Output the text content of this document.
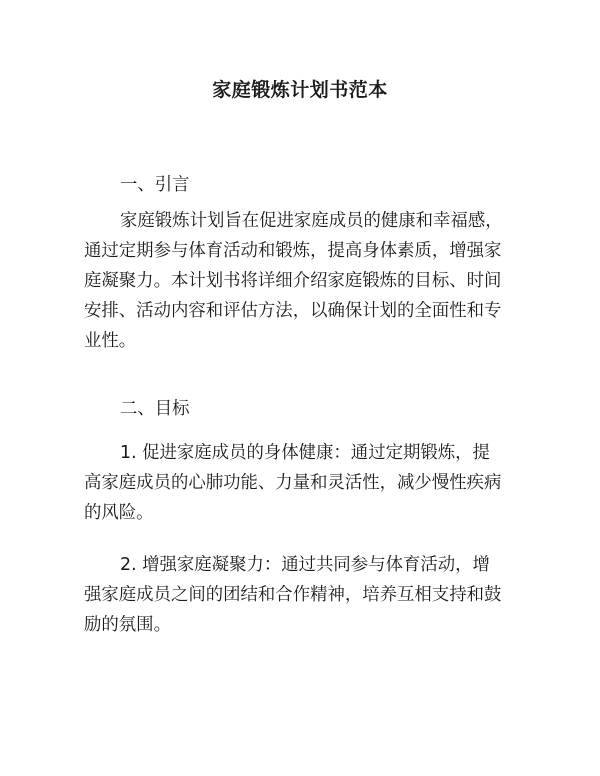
家庭锻炼计划书范本

一、引言

家庭锻炼计划旨在促进家庭成员的健康和幸福感，
通过定期参与体育活动和锻炼，提高身体素质，增强家
庭凝聚力。本计划书将详细介绍家庭锻炼的目标、时间
安排、活动内容和评估方法，以确保计划的全面性和专
业性。

二、目标

1. 促进家庭成员的身体健康：通过定期锻炼，提
高家庭成员的心肺功能、力量和灵活性，减少慢性疾病
的风险。

2. 增强家庭凝聚力：通过共同参与体育活动，增
强家庭成员之间的团结和合作精神，培养互相支持和鼓
励的氛围。
